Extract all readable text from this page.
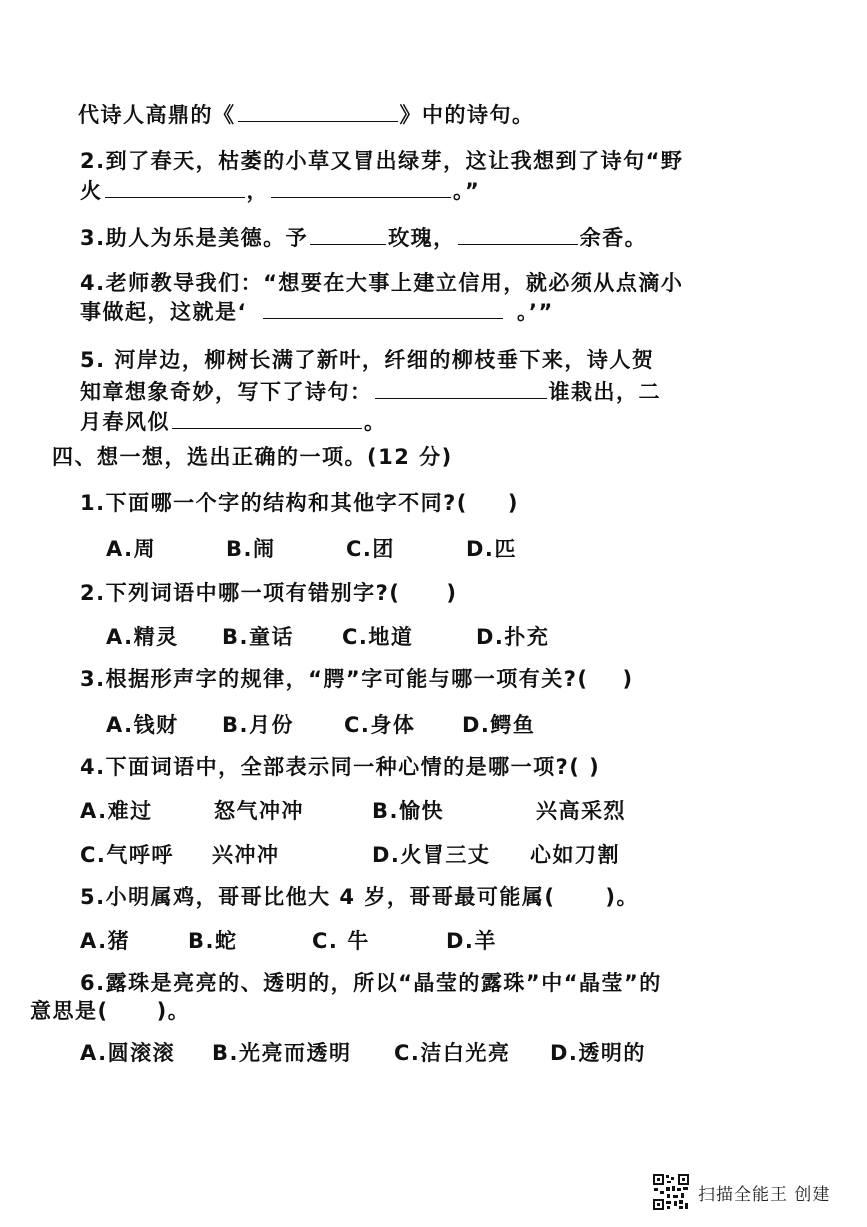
代诗人高鼎的《	》中的诗句。
2.到了春天，枯萎的小草又冒出绿芽，这让我想到了诗句“野
火	，	。”
3.助人为乐是美德。予	玫瑰，	余香。
4.老师教导我们：“想要在大事上建立信用，就必须从点滴小
事做起，这就是‘	。’”
5. 河岸边，柳树长满了新叶，纤细的柳枝垂下来，诗人贺
知章想象奇妙，写下了诗句：	谁栽出，二
月春风似	。
四、想一想，选出正确的一项。(12 分)
1.下面哪一个字的结构和其他字不同?( )
A.周	B.闹	C.团	D.匹
2.下列词语中哪一项有错别字?( )
A.精灵 B.童话 C.地道	D.扑充
3.根据形声字的规律，“腭”字可能与哪一项有关?( )
A.钱财 B.月份 C.身体 D.鳄鱼
4.下面词语中，全部表示同一种心情的是哪一项?( )
A.难过	怒气冲冲	B.愉快	兴高采烈
C.气呼呼 兴冲冲	D.火冒三丈 心如刀割
5.小明属鸡，哥哥比他大 4 岁，哥哥最可能属( )。
A.猪	B.蛇	C. 牛	D.羊
6.露珠是亮亮的、透明的，所以“晶莹的露珠”中“晶莹”的
意思是( )。
A.圆滚滚 B.光亮而透明 C.洁白光亮 D.透明的
扫描全能王 创建
